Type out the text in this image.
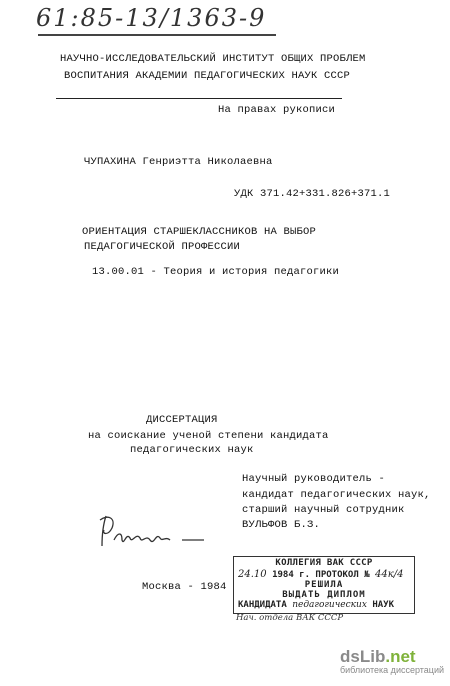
61:85-13/1363-9
НАУЧНО-ИССЛЕДОВАТЕЛЬСКИЙ ИНСТИТУТ ОБЩИХ ПРОБЛЕМ
ВОСПИТАНИЯ АКАДЕМИИ ПЕДАГОГИЧЕСКИХ НАУК СССР
На правах рукописи
ЧУПАХИНА Генриэтта Николаевна
УДК 371.42+331.826+371.1
ОРИЕНТАЦИЯ СТАРШЕКЛАССНИКОВ НА ВЫБОР
ПЕДАГОГИЧЕСКОЙ ПРОФЕССИИ
13.00.01 - Теория и история педагогики
ДИССЕРТАЦИЯ
на соискание ученой степени кандидата
педагогических наук
Научный руководитель -
кандидат педагогических наук,
старший научный сотрудник
ВУЛЬФОВ Б.З.
Москва - 1984
КОЛЛЕГИЯ ВАК СССР
24.10 1984 г. ПРОТОКОЛ № 44к/4
РЕШИЛА
ВЫДАТЬ ДИПЛОМ
КАНДИДАТА педагогических НАУК
Нач. отдела ВАК СССР
dsLib.net
библиотека диссертаций
